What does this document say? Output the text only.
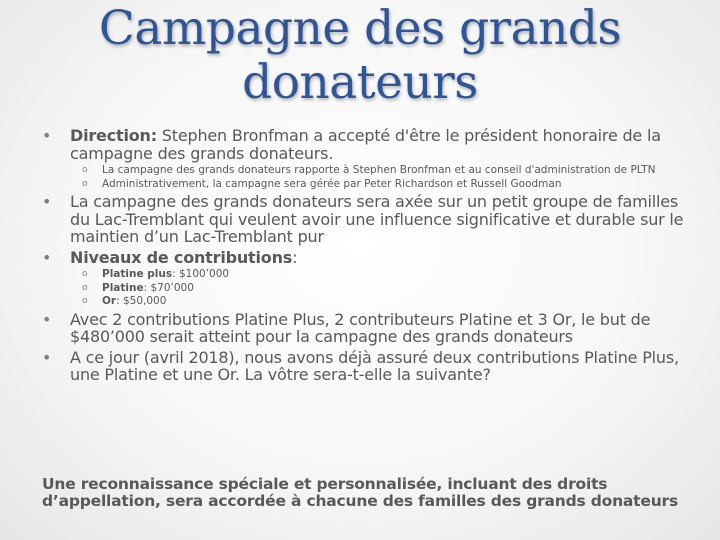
Campagne des grands donateurs
• Direction: Stephen Bronfman a accepté d'être le président honoraire de la campagne des grands donateurs.
o La campagne des grands donateurs rapporte à Stephen Bronfman et au conseil d'administration de PLTN
o Administrativement, la campagne sera gérée par Peter Richardson et Russell Goodman
• La campagne des grands donateurs sera axée sur un petit groupe de familles du Lac-Tremblant qui veulent avoir une influence significative et durable sur le maintien d’un Lac-Tremblant pur
• Niveaux de contributions:
o Platine plus: $100’000
o Platine: $70’000
o Or: $50,000
• Avec 2 contributions Platine Plus, 2 contributeurs Platine et 3 Or, le but de $480’000 serait atteint pour la campagne des grands donateurs
• A ce jour (avril 2018), nous avons déjà assuré deux contributions Platine Plus, une Platine et une Or. La vôtre sera-t-elle la suivante?
Une reconnaissance spéciale et personnalisée, incluant des droits d’appellation, sera accordée à chacune des familles des grands donateurs
